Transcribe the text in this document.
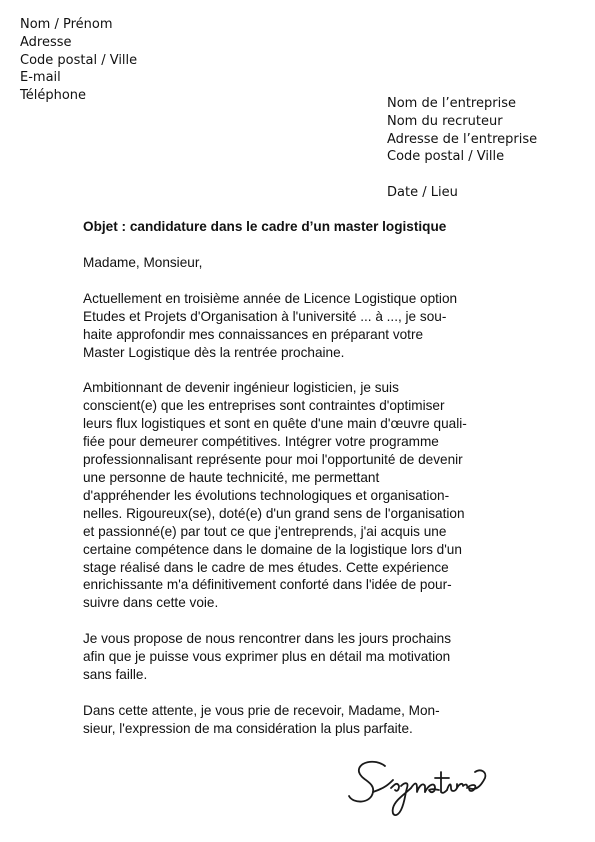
Nom / Prénom
Adresse
Code postal / Ville
E-mail
Téléphone
Nom de l’entreprise
Nom du recruteur
Adresse de l’entreprise
Code postal / Ville
Date / Lieu
Objet : candidature dans le cadre d’un master logistique
Madame, Monsieur,
Actuellement en troisième année de Licence Logistique option
Etudes et Projets d'Organisation à l'université ... à ..., je sou-
haite approfondir mes connaissances en préparant votre
Master Logistique dès la rentrée prochaine.
Ambitionnant de devenir ingénieur logisticien, je suis
conscient(e) que les entreprises sont contraintes d'optimiser
leurs flux logistiques et sont en quête d'une main d'œuvre quali-
fiée pour demeurer compétitives. Intégrer votre programme
professionnalisant représente pour moi l'opportunité de devenir
une personne de haute technicité, me permettant
d'appréhender les évolutions technologiques et organisation-
nelles. Rigoureux(se), doté(e) d'un grand sens de l'organisation
et passionné(e) par tout ce que j'entreprends, j'ai acquis une
certaine compétence dans le domaine de la logistique lors d'un
stage réalisé dans le cadre de mes études. Cette expérience
enrichissante m'a définitivement conforté dans l'idée de pour-
suivre dans cette voie.
Je vous propose de nous rencontrer dans les jours prochains
afin que je puisse vous exprimer plus en détail ma motivation
sans faille.
Dans cette attente, je vous prie de recevoir, Madame, Mon-
sieur, l'expression de ma considération la plus parfaite.
